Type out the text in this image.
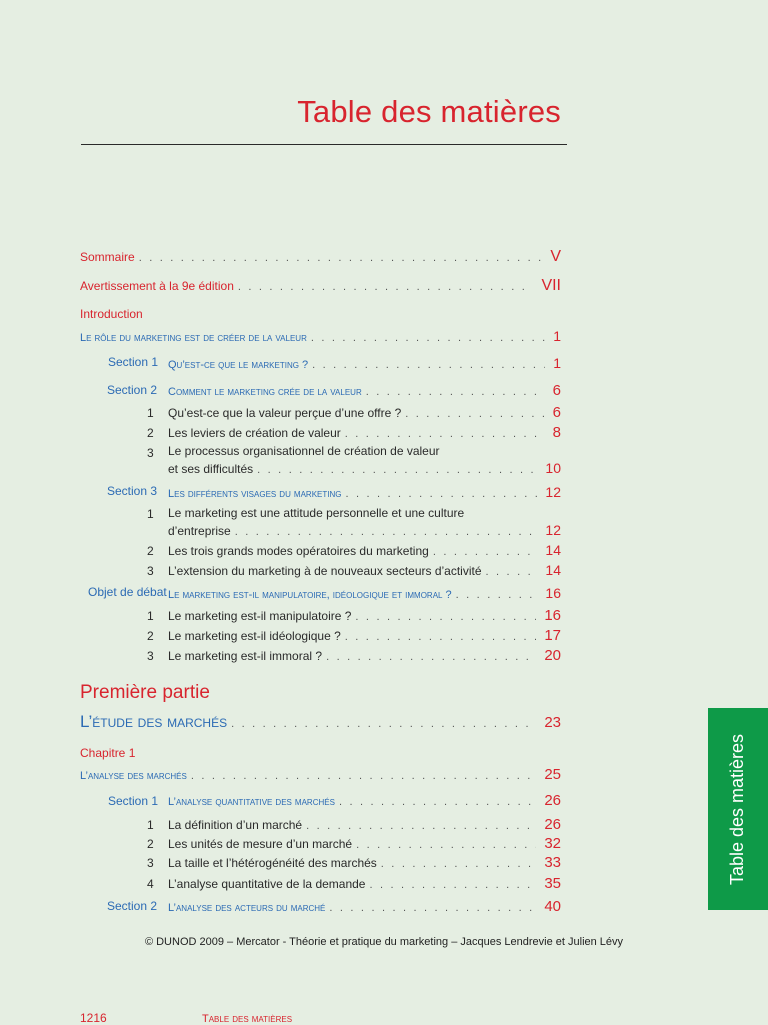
Table des matières
Sommaire . . .	V
Avertissement à la 9e édition . . .	VII
Introduction
Le rôle du marketing est de créer de la valeur . . .	1
Section 1 Qu’est-ce que le marketing ? . . .	1
Section 2 Comment le marketing crée de la valeur . . .	6
1 Qu’est-ce que la valeur perçue d’une offre ? . . .	6
2 Les leviers de création de valeur . . .	8
3 Le processus organisationnel de création de valeur
et ses difficultés . . .	10
Section 3 Les différents visages du marketing . . .	12
1 Le marketing est une attitude personnelle et une culture
d’entreprise . . .	12
2 Les trois grands modes opératoires du marketing . . .	14
3 L’extension du marketing à de nouveaux secteurs d’activité . . .	14
Objet de débat Le marketing est-il manipulatoire, idéologique et immoral ? . . .	16
1 Le marketing est-il manipulatoire ? . . .	16
2 Le marketing est-il idéologique ? . . .	17
3 Le marketing est-il immoral ? . . .	20
Première partie
L’étude des marchés . . .	23
Chapitre 1
L’analyse des marchés . . .	25
Section 1 L’analyse quantitative des marchés . . .	26
1 La définition d’un marché . . .	26
2 Les unités de mesure d’un marché . . .	32
3 La taille et l’hétérogénéité des marchés . . .	33
4 L’analyse quantitative de la demande . . .	35
Section 2 L’analyse des acteurs du marché . . .	40
Table des matières
© DUNOD 2009 – Mercator - Théorie et pratique du marketing – Jacques Lendrevie et Julien Lévy
1216	Table des matières
